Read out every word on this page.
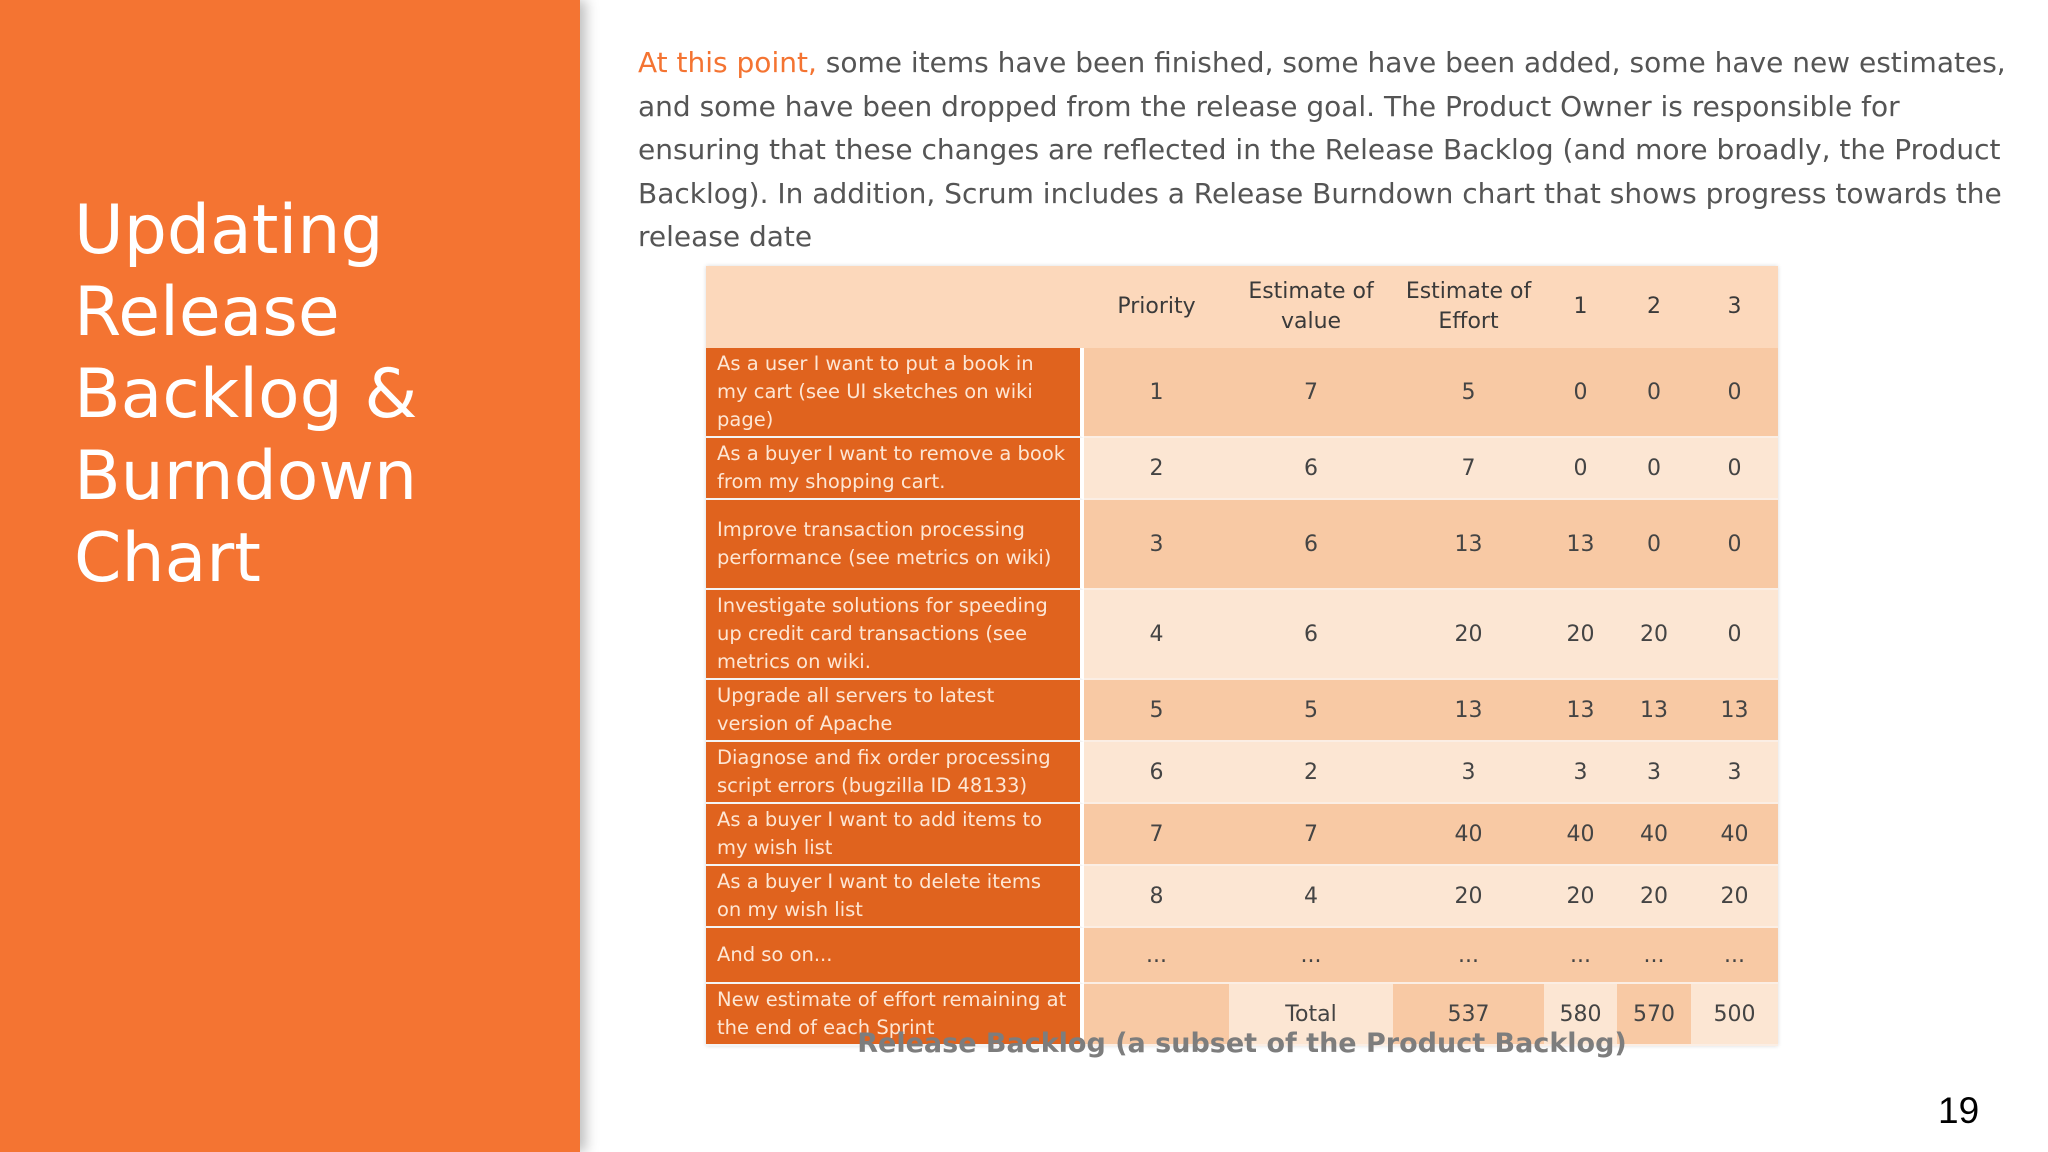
Updating
Release
Backlog &
Burndown
Chart

At this point, some items have been finished, some have been added, some have new estimates, and some have been dropped from the release goal. The Product Owner is responsible for ensuring that these changes are reflected in the Release Backlog (and more broadly, the Product Backlog). In addition, Scrum includes a Release Burndown chart that shows progress towards the release date

	Priority	Estimate of value	Estimate of Effort	1	2	3
As a user I want to put a book in my cart (see UI sketches on wiki page)	1	7	5	0	0	0
As a buyer I want to remove a book from my shopping cart.	2	6	7	0	0	0
Improve transaction processing performance (see metrics on wiki)	3	6	13	13	0	0
Investigate solutions for speeding up credit card transactions (see metrics on wiki.	4	6	20	20	20	0
Upgrade all servers to latest version of Apache	5	5	13	13	13	13
Diagnose and fix order processing script errors (bugzilla ID 48133)	6	2	3	3	3	3
As a buyer I want to add items to my wish list	7	7	40	40	40	40
As a buyer I want to delete items on my wish list	8	4	20	20	20	20
And so on...	...	...	...	...	...	...
New estimate of effort remaining at the end of each Sprint		Total	537	580	570	500
Release Backlog (a subset of the Product Backlog)
19
